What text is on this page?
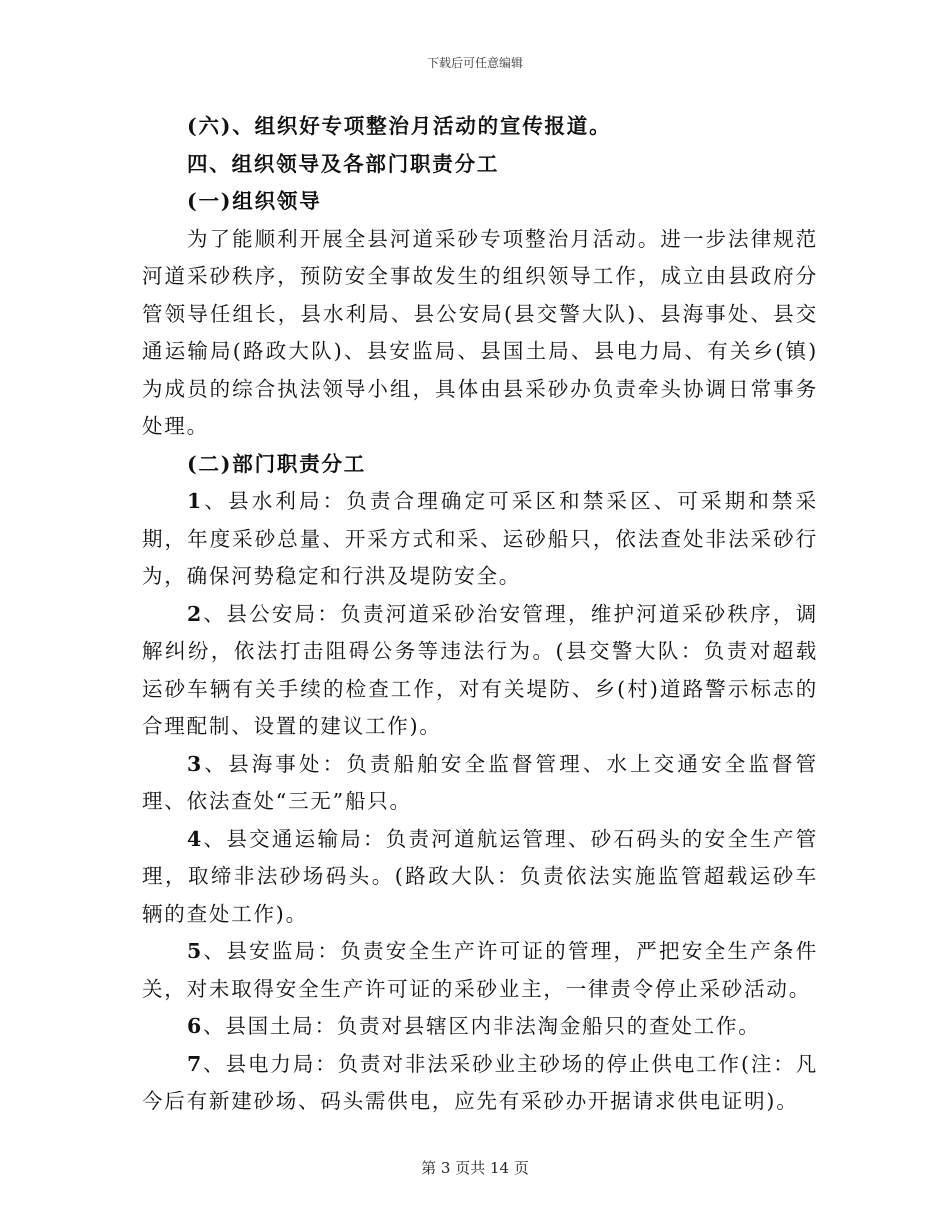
下载后可任意编辑

(六)、组织好专项整治月活动的宣传报道。

四、组织领导及各部门职责分工

(一)组织领导

为了能顺利开展全县河道采砂专项整治月活动。进一步法律规范河道采砂秩序，预防安全事故发生的组织领导工作，成立由县政府分管领导任组长，县水利局、县公安局(县交警大队)、县海事处、县交通运输局(路政大队)、县安监局、县国土局、县电力局、有关乡(镇)为成员的综合执法领导小组，具体由县采砂办负责牵头协调日常事务处理。

(二)部门职责分工

1、县水利局：负责合理确定可采区和禁采区、可采期和禁采期，年度采砂总量、开采方式和采、运砂船只，依法查处非法采砂行为，确保河势稳定和行洪及堤防安全。

2、县公安局：负责河道采砂治安管理，维护河道采砂秩序，调解纠纷，依法打击阻碍公务等违法行为。(县交警大队：负责对超载运砂车辆有关手续的检查工作，对有关堤防、乡(村)道路警示标志的合理配制、设置的建议工作)。

3、县海事处：负责船舶安全监督管理、水上交通安全监督管理、依法查处“三无”船只。

4、县交通运输局：负责河道航运管理、砂石码头的安全生产管理，取缔非法砂场码头。(路政大队：负责依法实施监管超载运砂车辆的查处工作)。

5、县安监局：负责安全生产许可证的管理，严把安全生产条件关，对未取得安全生产许可证的采砂业主，一律责令停止采砂活动。

6、县国土局：负责对县辖区内非法淘金船只的查处工作。

7、县电力局：负责对非法采砂业主砂场的停止供电工作(注：凡今后有新建砂场、码头需供电，应先有采砂办开据请求供电证明)。

第 3 页共 14 页
